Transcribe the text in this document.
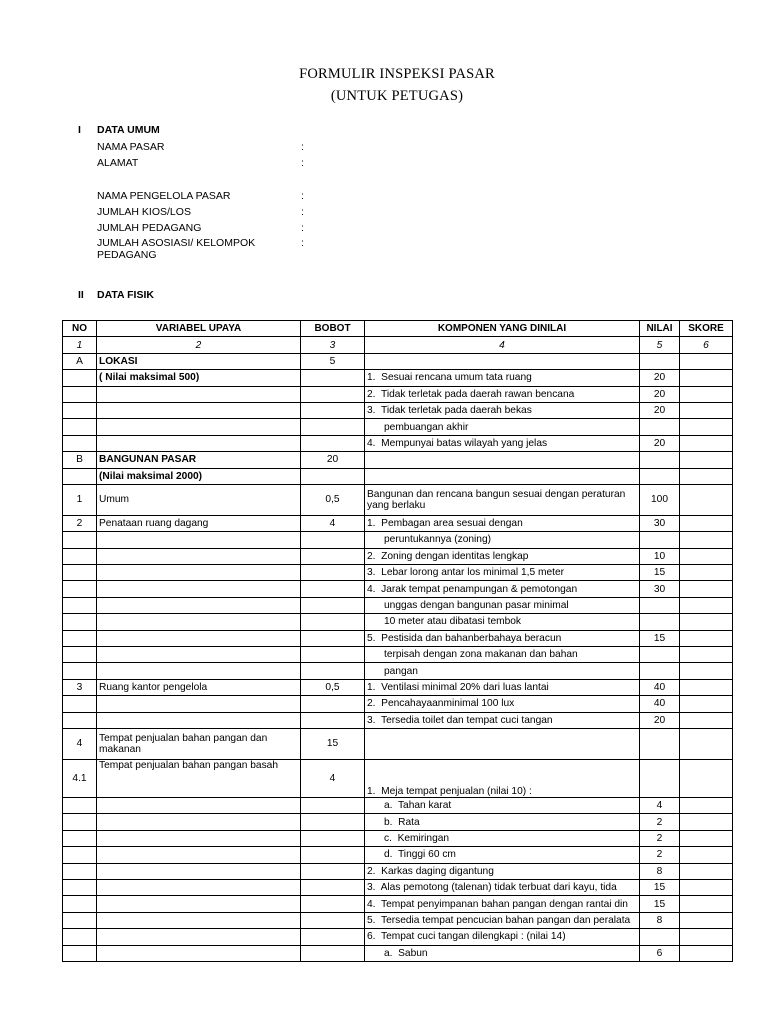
FORMULIR INSPEKSI PASAR
(UNTUK PETUGAS)
I DATA UMUM
NAMA PASAR	:
ALAMAT	:
NAMA PENGELOLA PASAR	:
JUMLAH KIOS/LOS	:
JUMLAH PEDAGANG	:
JUMLAH ASOSIASI/ KELOMPOK
PEDAGANG
:
II DATA FISIK
NO	VARIABEL UPAYA	BOBOT	KOMPONEN YANG DINILAI	NILAI	SKORE
1	2	3	4	5	6
A	LOKASI	5			
	( Nilai maksimal 500)		1.  Sesuai rencana umum tata ruang	20	
			2.  Tidak terletak pada daerah rawan bencana	20	
			3.  Tidak terletak pada daerah bekas	20	
			pembuangan akhir		
			4.  Mempunyai batas wilayah yang jelas	20	
B	BANGUNAN PASAR	20			
	(Nilai maksimal 2000)				
1	Umum	0,5	Bangunan dan rencana bangun sesuai dengan peraturan yang berlaku	100	
2	Penataan ruang dagang	4	1.  Pembagan area sesuai dengan	30	
			peruntukannya (zoning)		
			2.  Zoning dengan identitas lengkap	10	
			3.  Lebar lorong antar los minimal 1,5 meter	15	
			4.  Jarak tempat penampungan & pemotongan	30	
			unggas dengan bangunan pasar minimal		
			10 meter atau dibatasi tembok		
			5.  Pestisida dan bahanberbahaya beracun	15	
			terpisah dengan zona makanan dan bahan		
			pangan		
3	Ruang kantor pengelola	0,5	1.  Ventilasi minimal 20% dari luas lantai	40	
			2.  Pencahayaanminimal 100 lux	40	
			3.  Tersedia toilet dan tempat cuci tangan	20	
4	Tempat penjualan bahan pangan dan makanan	15			
4.1	Tempat penjualan bahan pangan basah	4	1.  Meja tempat penjualan (nilai 10) :		
			a.  Tahan karat	4	
			b.  Rata	2	
			c.  Kemiringan	2	
			d.  Tinggi 60 cm	2	
			2.  Karkas daging digantung	8	
			3.  Alas pemotong (talenan) tidak terbuat dari kayu, tida	15	
			4.  Tempat penyimpanan bahan pangan dengan rantai din	15	
			5.  Tersedia tempat pencucian bahan pangan dan peralata	8	
			6.  Tempat cuci tangan dilengkapi : (nilai 14)		
			a.  Sabun	6	
